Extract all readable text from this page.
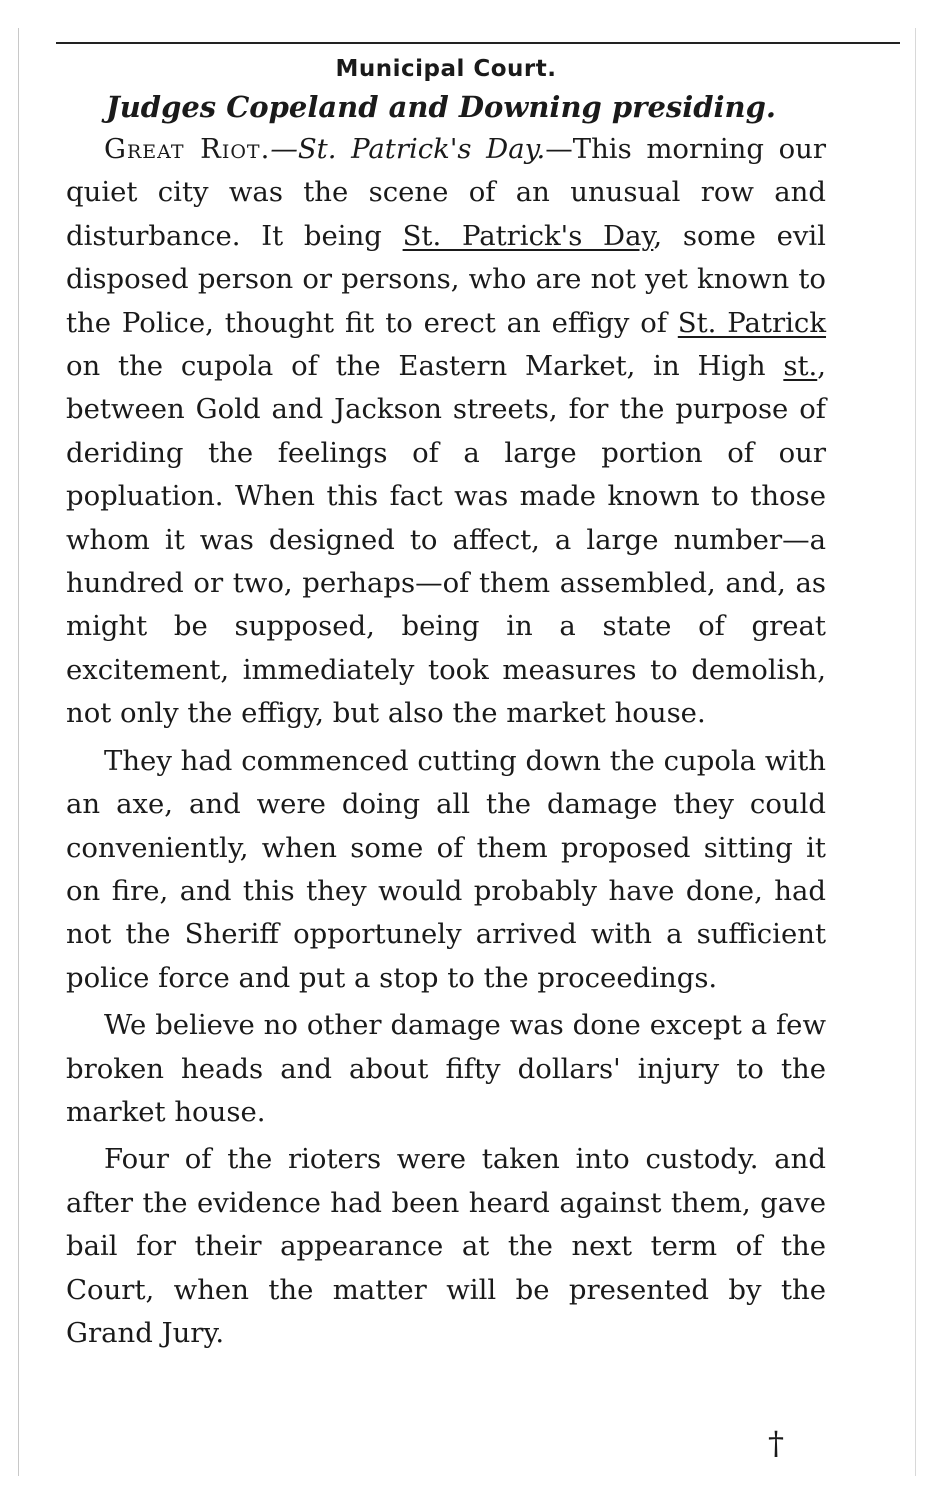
Municipal Court.
Judges Copeland and Downing presiding.

Great Riot.—St. Patrick's Day.—This morning our quiet city was the scene of an unusual row and disturbance. It being St. Patrick's Day, some evil disposed person or persons, who are not yet known to the Police, thought fit to erect an effigy of St. Patrick on the cupola of the Eastern Market, in High st., between Gold and Jackson streets, for the purpose of deriding the feelings of a large portion of our popluation. When this fact was made known to those whom it was designed to affect, a large number—a hundred or two, perhaps—of them assembled, and, as might be supposed, being in a state of great excitement, immediately took measures to demolish, not only the effigy, but also the market house.

They had commenced cutting down the cupola with an axe, and were doing all the damage they could conveniently, when some of them proposed sitting it on fire, and this they would probably have done, had not the Sheriff opportunely arrived with a sufficient police force and put a stop to the proceedings.

We believe no other damage was done except a few broken heads and about fifty dollars' injury to the market house.

Four of the rioters were taken into custody. and after the evidence had been heard against them, gave bail for their appearance at the next term of the Court, when the matter will be presented by the Grand Jury.

†
